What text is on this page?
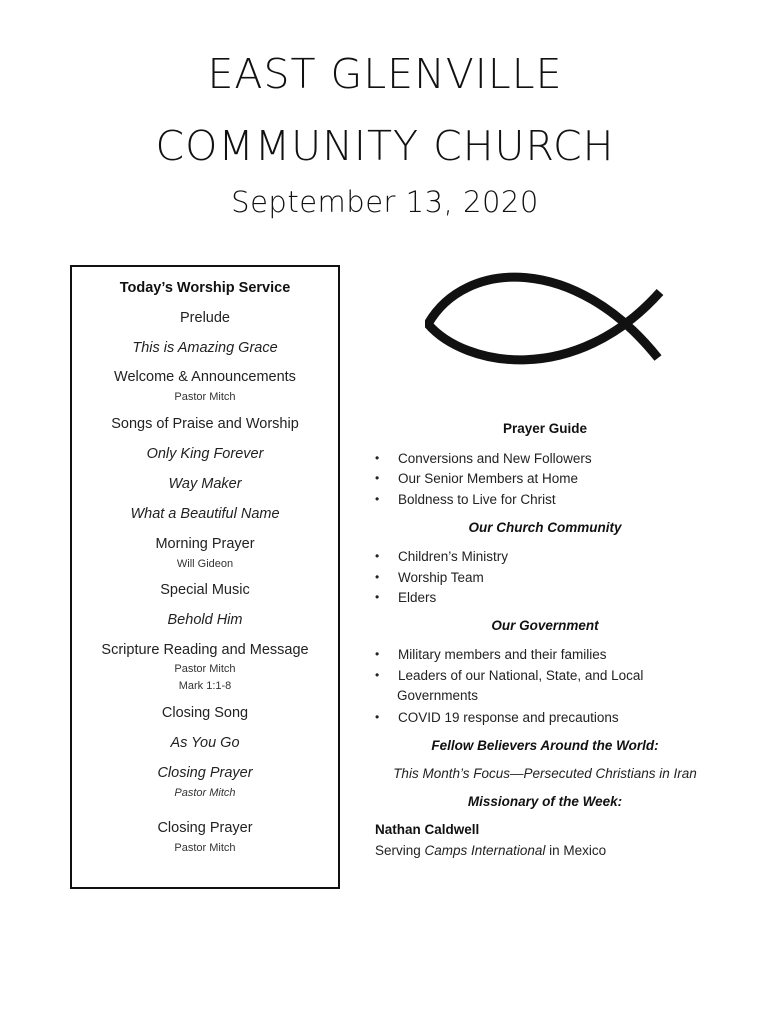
EAST GLENVILLE
COMMUNITY CHURCH
September 13, 2020
Today’s Worship Service
Prelude
This is Amazing Grace
Welcome & Announcements
Pastor Mitch
Songs of Praise and Worship
Only King Forever
Way Maker
What a Beautiful Name
Morning Prayer
Will Gideon
Special Music
Behold Him
Scripture Reading and Message
Pastor Mitch
Mark 1:1-8
Closing Song
As You Go
Closing Prayer
Pastor Mitch
Closing Prayer
Pastor Mitch
Prayer Guide
• Conversions and New Followers
• Our Senior Members at Home
• Boldness to Live for Christ
Our Church Community
• Children’s Ministry
• Worship Team
• Elders
Our Government
• Military members and their families
• Leaders of our National, State, and Local
Governments
• COVID 19 response and precautions
Fellow Believers Around the World:
This Month’s Focus—Persecuted Christians in Iran
Missionary of the Week:
Nathan Caldwell
Serving Camps International in Mexico
